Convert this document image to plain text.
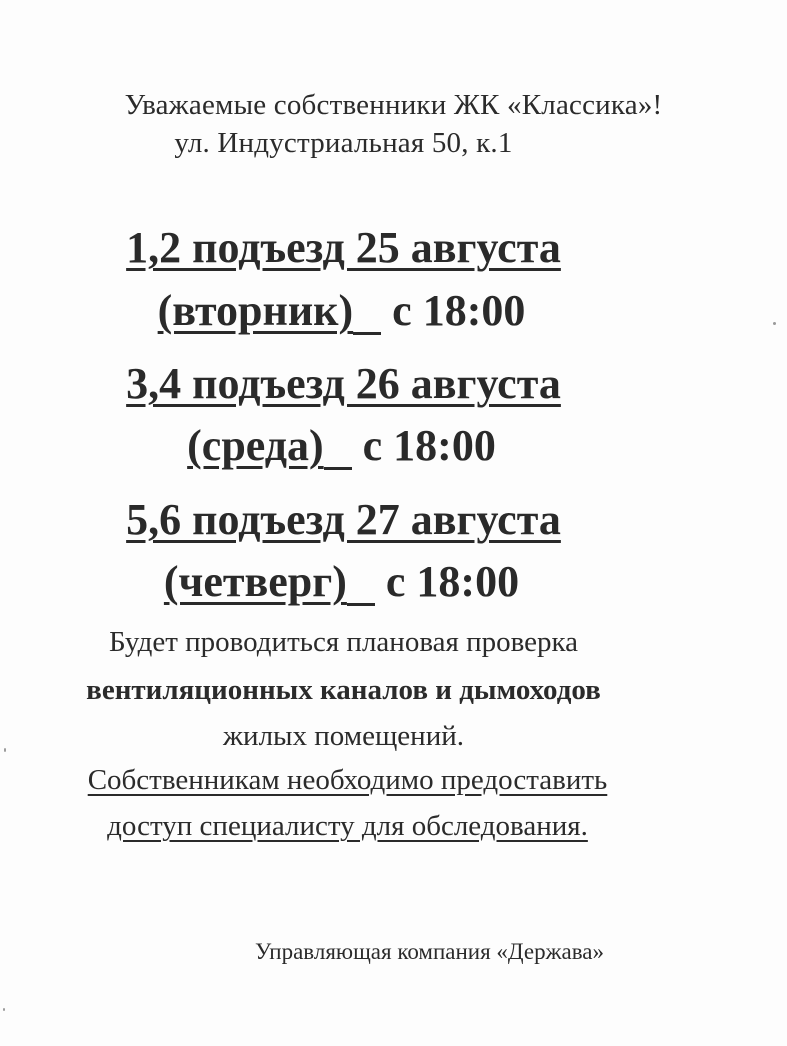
Уважаемые собственники ЖК «Классика»!
ул. Индустриальная 50, к.1
1,2 подъезд 25 августа
(вторник) с 18:00
3,4 подъезд 26 августа
(среда) с 18:00
5,6 подъезд 27 августа
(четверг) с 18:00
Будет проводиться плановая проверка
вентиляционных каналов и дымоходов
жилых помещений.
Собственникам необходимо предоставить
доступ специалисту для обследования.
Управляющая компания «Держава»
